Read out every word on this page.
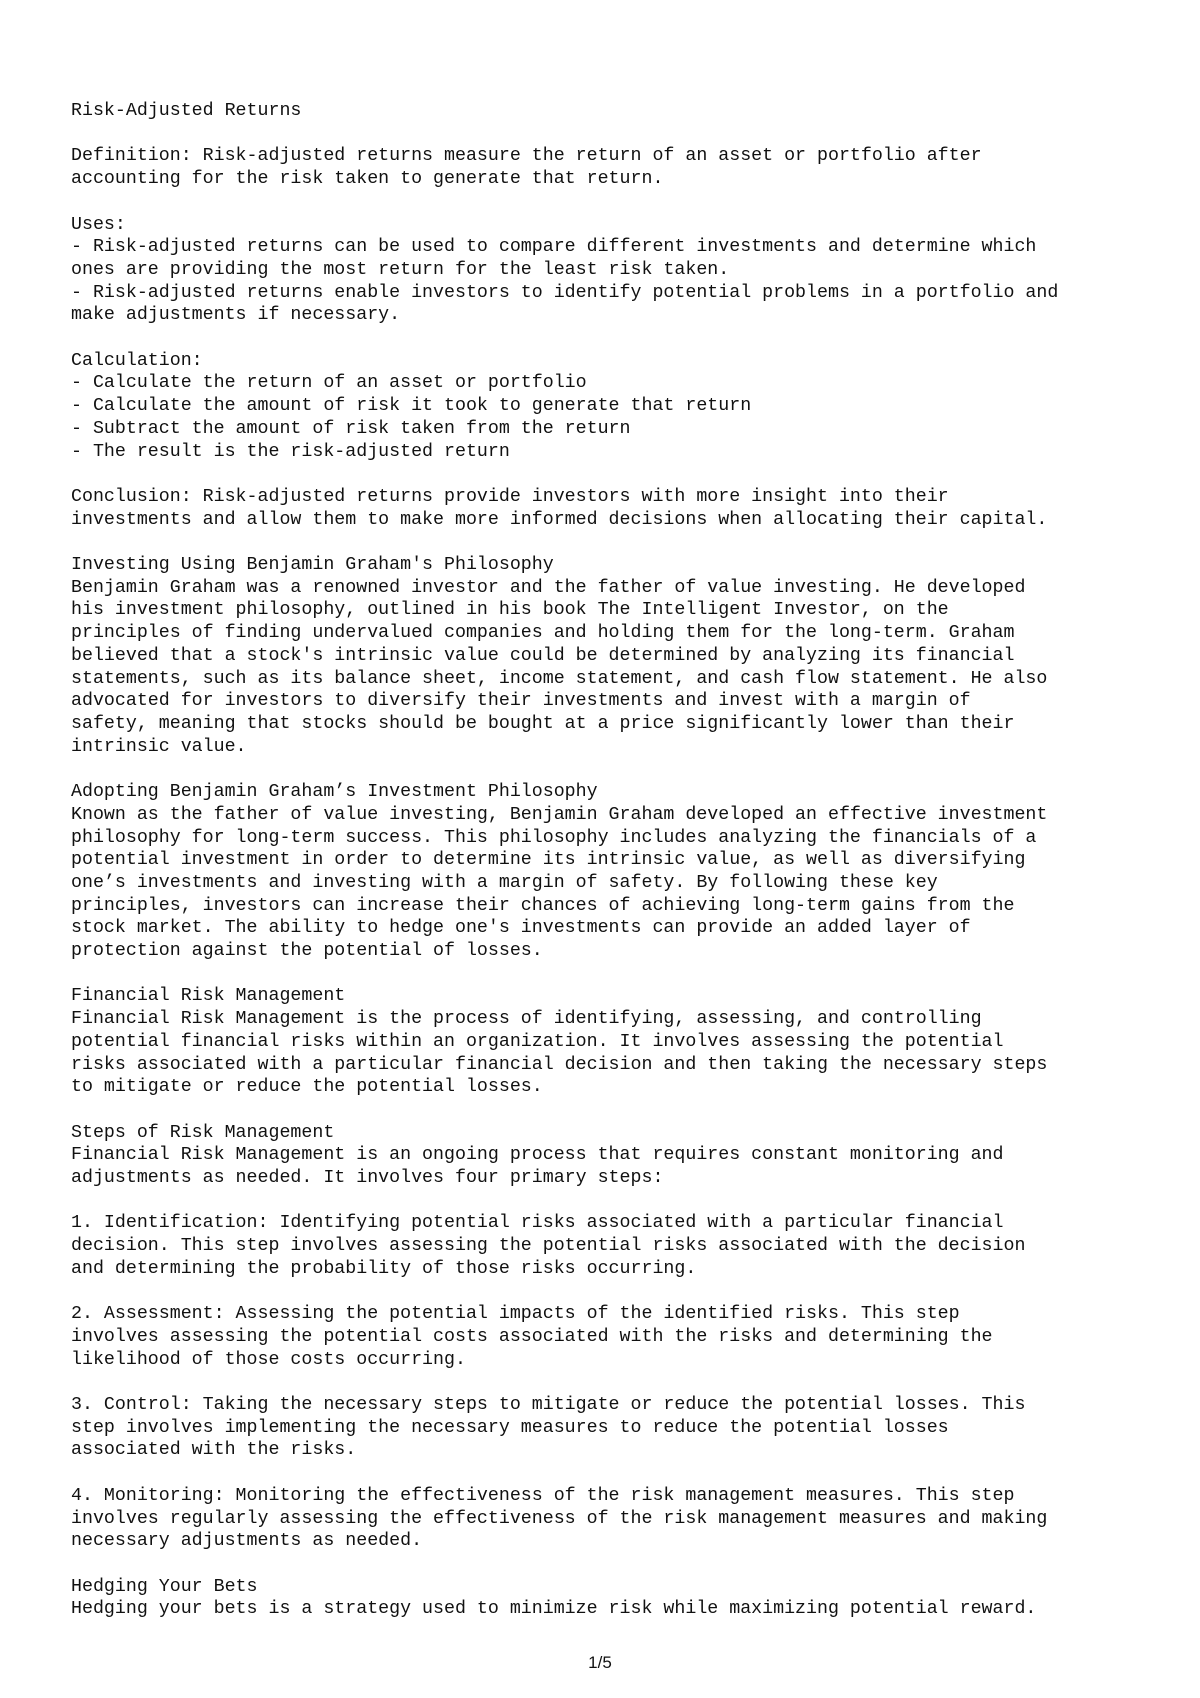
Risk-Adjusted Returns

Definition: Risk-adjusted returns measure the return of an asset or portfolio after
accounting for the risk taken to generate that return.

Uses:
- Risk-adjusted returns can be used to compare different investments and determine which
ones are providing the most return for the least risk taken.
- Risk-adjusted returns enable investors to identify potential problems in a portfolio and
make adjustments if necessary.

Calculation:
- Calculate the return of an asset or portfolio
- Calculate the amount of risk it took to generate that return
- Subtract the amount of risk taken from the return
- The result is the risk-adjusted return

Conclusion: Risk-adjusted returns provide investors with more insight into their
investments and allow them to make more informed decisions when allocating their capital.

Investing Using Benjamin Graham's Philosophy
Benjamin Graham was a renowned investor and the father of value investing. He developed
his investment philosophy, outlined in his book The Intelligent Investor, on the
principles of finding undervalued companies and holding them for the long-term. Graham
believed that a stock's intrinsic value could be determined by analyzing its financial
statements, such as its balance sheet, income statement, and cash flow statement. He also
advocated for investors to diversify their investments and invest with a margin of
safety, meaning that stocks should be bought at a price significantly lower than their
intrinsic value.

Adopting Benjamin Graham’s Investment Philosophy
Known as the father of value investing, Benjamin Graham developed an effective investment
philosophy for long-term success. This philosophy includes analyzing the financials of a
potential investment in order to determine its intrinsic value, as well as diversifying
one’s investments and investing with a margin of safety. By following these key
principles, investors can increase their chances of achieving long-term gains from the
stock market. The ability to hedge one's investments can provide an added layer of
protection against the potential of losses.

Financial Risk Management
Financial Risk Management is the process of identifying, assessing, and controlling
potential financial risks within an organization. It involves assessing the potential
risks associated with a particular financial decision and then taking the necessary steps
to mitigate or reduce the potential losses.

Steps of Risk Management
Financial Risk Management is an ongoing process that requires constant monitoring and
adjustments as needed. It involves four primary steps:

1. Identification: Identifying potential risks associated with a particular financial
decision. This step involves assessing the potential risks associated with the decision
and determining the probability of those risks occurring.

2. Assessment: Assessing the potential impacts of the identified risks. This step
involves assessing the potential costs associated with the risks and determining the
likelihood of those costs occurring.

3. Control: Taking the necessary steps to mitigate or reduce the potential losses. This
step involves implementing the necessary measures to reduce the potential losses
associated with the risks.

4. Monitoring: Monitoring the effectiveness of the risk management measures. This step
involves regularly assessing the effectiveness of the risk management measures and making
necessary adjustments as needed.

Hedging Your Bets
Hedging your bets is a strategy used to minimize risk while maximizing potential reward.
1/5
